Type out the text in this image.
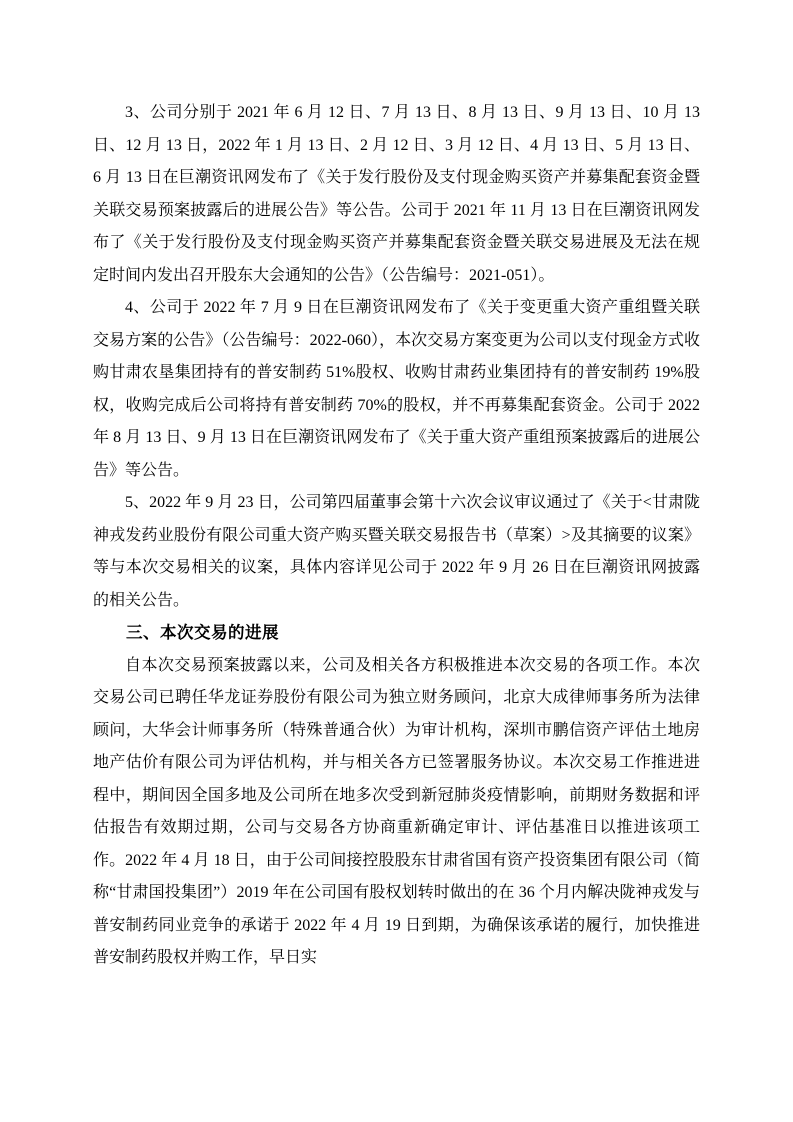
3、公司分别于 2021 年 6 月 12 日、7 月 13 日、8 月 13 日、9 月 13 日、10 月 13 日、12 月 13 日，2022 年 1 月 13 日、2 月 12 日、3 月 12 日、4 月 13 日、5 月 13 日、6 月 13 日在巨潮资讯网发布了《关于发行股份及支付现金购买资产并募集配套资金暨关联交易预案披露后的进展公告》等公告。公司于 2021 年 11 月 13 日在巨潮资讯网发布了《关于发行股份及支付现金购买资产并募集配套资金暨关联交易进展及无法在规定时间内发出召开股东大会通知的公告》（公告编号：2021-051）。

4、公司于 2022 年 7 月 9 日在巨潮资讯网发布了《关于变更重大资产重组暨关联交易方案的公告》（公告编号：2022-060），本次交易方案变更为公司以支付现金方式收购甘肃农垦集团持有的普安制药 51%股权、收购甘肃药业集团持有的普安制药 19%股权，收购完成后公司将持有普安制药 70%的股权，并不再募集配套资金。公司于 2022 年 8 月 13 日、9 月 13 日在巨潮资讯网发布了《关于重大资产重组预案披露后的进展公告》等公告。

5、2022 年 9 月 23 日，公司第四届董事会第十六次会议审议通过了《关于<甘肃陇神戎发药业股份有限公司重大资产购买暨关联交易报告书（草案）>及其摘要的议案》等与本次交易相关的议案，具体内容详见公司于 2022 年 9 月 26 日在巨潮资讯网披露的相关公告。

三、本次交易的进展

自本次交易预案披露以来，公司及相关各方积极推进本次交易的各项工作。本次交易公司已聘任华龙证券股份有限公司为独立财务顾问，北京大成律师事务所为法律顾问，大华会计师事务所（特殊普通合伙）为审计机构，深圳市鹏信资产评估土地房地产估价有限公司为评估机构，并与相关各方已签署服务协议。本次交易工作推进进程中，期间因全国多地及公司所在地多次受到新冠肺炎疫情影响，前期财务数据和评估报告有效期过期，公司与交易各方协商重新确定审计、评估基准日以推进该项工作。2022 年 4 月 18 日，由于公司间接控股股东甘肃省国有资产投资集团有限公司（简称“甘肃国投集团”）2019 年在公司国有股权划转时做出的在 36 个月内解决陇神戎发与普安制药同业竞争的承诺于 2022 年 4 月 19 日到期，为确保该承诺的履行，加快推进普安制药股权并购工作，早日实
